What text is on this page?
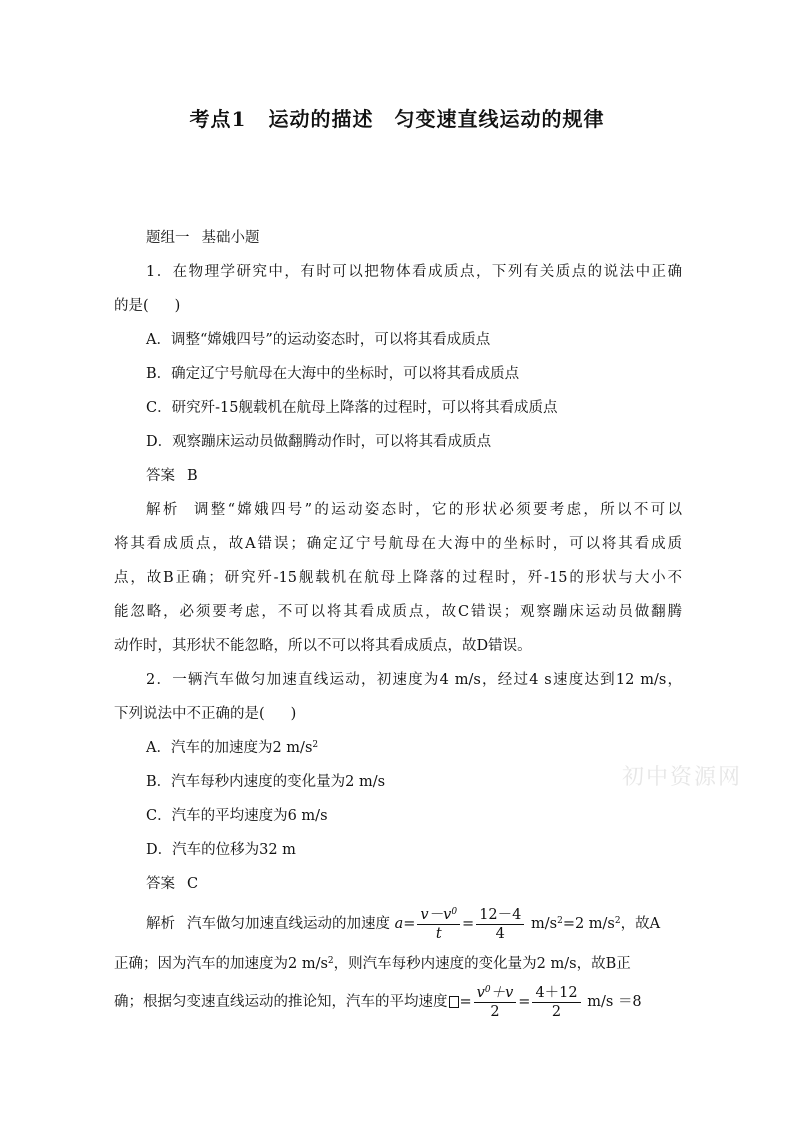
考点1 运动的描述　匀变速直线运动的规律
题组一 基础小题
1．在物理学研究中，有时可以把物体看成质点，下列有关质点的说法中正确
的是( )
A．调整“嫦娥四号”的运动姿态时，可以将其看成质点
B．确定辽宁号航母在大海中的坐标时，可以将其看成质点
C．研究歼-15舰载机在航母上降落的过程时，可以将其看成质点
D．观察蹦床运动员做翻腾动作时，可以将其看成质点
答案 B
解析 调整“嫦娥四号”的运动姿态时，它的形状必须要考虑，所以不可以
将其看成质点，故A错误；确定辽宁号航母在大海中的坐标时，可以将其看成质
点，故B正确；研究歼-15舰载机在航母上降落的过程时，歼-15的形状与大小不
能忽略，必须要考虑，不可以将其看成质点，故C错误；观察蹦床运动员做翻腾
动作时，其形状不能忽略，所以不可以将其看成质点，故D错误。
2．一辆汽车做匀加速直线运动，初速度为4 m/s，经过4 s速度达到12 m/s，
下列说法中不正确的是( )
A．汽车的加速度为2 $m/s^2$
B．汽车每秒内速度的变化量为2 m/s
C．汽车的平均速度为6 m/s
D．汽车的位移为32 m
答案 C
解析 汽车做匀加速直线运动的加速度 $a= \frac{v-v^0}{t} = \frac{12-4}{4} m/s^2=2$ $m/s^2$，故A
正确；因为汽车的加速度为2 $m/s^2$，则汽车每秒内速度的变化量为2 m/s，故B正
确；根据匀变速直线运动的推论知，汽车的平均速度 = $\frac{v^0+v}{2} = \frac{4+12}{2} m/s =8$
初中资源网
